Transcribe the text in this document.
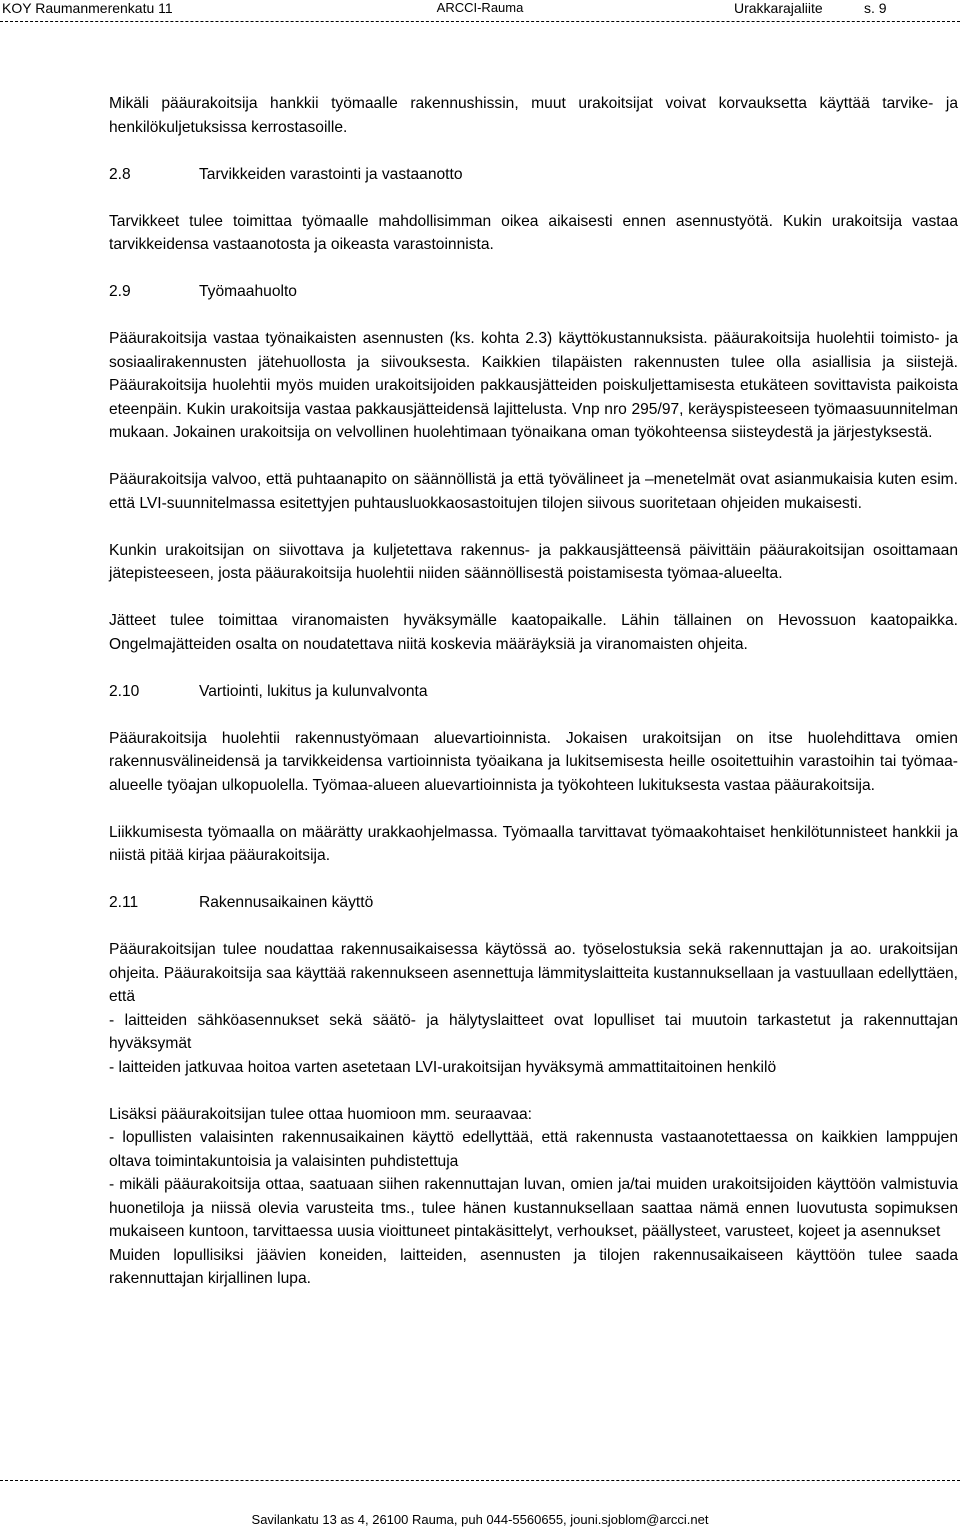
KOY Raumanmerenkatu 11	Urakkarajaliite	s. 9

Mikäli pääurakoitsija hankkii työmaalle rakennushissin, muut urakoitsijat voivat korvauksetta käyttää tarvike- ja henkilökuljetuksissa kerrostasoille.

2.8	Tarvikkeiden varastointi ja vastaanotto

Tarvikkeet tulee toimittaa työmaalle mahdollisimman oikea aikaisesti ennen asennustyötä. Kukin urakoitsija vastaa tarvikkeidensa vastaanotosta ja oikeasta varastoinnista.

2.9	Työmaahuolto

Pääurakoitsija vastaa työnaikaisten asennusten (ks. kohta 2.3) käyttökustannuksista. pääurakoitsija huolehtii toimisto- ja sosiaalirakennusten jätehuollosta ja siivouksesta. Kaikkien tilapäisten rakennusten tulee olla asiallisia ja siistejä. Pääurakoitsija huolehtii myös muiden urakoitsijoiden pakkausjätteiden poiskuljettamisesta etukäteen sovittavista paikoista eteenpäin. Kukin urakoitsija vastaa pakkausjätteidensä lajittelusta. Vnp nro 295/97, keräyspisteeseen työmaasuunnitelman mukaan. Jokainen urakoitsija on velvollinen huolehtimaan työnaikana oman työkohteensa siisteydestä ja järjestyksestä.

Pääurakoitsija valvoo, että puhtaanapito on säännöllistä ja että työvälineet ja –menetelmät ovat asianmukaisia kuten esim. että LVI-suunnitelmassa esitettyjen puhtausluokkaosastoitujen tilojen siivous suoritetaan ohjeiden mukaisesti.

Kunkin urakoitsijan on siivottava ja kuljetettava rakennus- ja pakkausjätteensä päivittäin pääurakoitsijan osoittamaan jätepisteeseen, josta pääurakoitsija huolehtii niiden säännöllisestä poistamisesta työmaa-alueelta.

Jätteet tulee toimittaa viranomaisten hyväksymälle kaatopaikalle. Lähin tällainen on Hevossuon kaatopaikka. Ongelmajätteiden osalta on noudatettava niitä koskevia määräyksiä ja viranomaisten ohjeita.

2.10	Vartiointi, lukitus ja kulunvalvonta

Pääurakoitsija huolehtii rakennustyömaan aluevartioinnista. Jokaisen urakoitsijan on itse huolehdittava omien rakennusvälineidensä ja tarvikkeidensa vartioinnista työaikana ja lukitsemisesta heille osoitettuihin varastoihin tai työmaa-alueelle työajan ulkopuolella. Työmaa-alueen aluevartioinnista ja työkohteen lukituksesta vastaa pääurakoitsija.

Liikkumisesta työmaalla on määrätty urakkaohjelmassa. Työmaalla tarvittavat työmaakohtaiset henkilötunnisteet hankkii ja niistä pitää kirjaa pääurakoitsija.

2.11	Rakennusaikainen käyttö

Pääurakoitsijan tulee noudattaa rakennusaikaisessa käytössä ao. työselostuksia sekä rakennuttajan ja ao. urakoitsijan ohjeita. Pääurakoitsija saa käyttää rakennukseen asennettuja lämmityslaitteita kustannuksellaan ja vastuullaan edellyttäen, että

- laitteiden sähköasennukset sekä säätö- ja hälytyslaitteet ovat lopulliset tai muutoin tarkastetut ja rakennuttajan hyväksymät

- laitteiden jatkuvaa hoitoa varten asetetaan LVI-urakoitsijan hyväksymä ammattitaitoinen henkilö

Lisäksi pääurakoitsijan tulee ottaa huomioon mm. seuraavaa:

- lopullisten valaisinten rakennusaikainen käyttö edellyttää, että rakennusta vastaanotettaessa on kaikkien lamppujen oltava toimintakuntoisia ja valaisinten puhdistettuja

- mikäli pääurakoitsija ottaa, saatuaan siihen rakennuttajan luvan, omien ja/tai muiden urakoitsijoiden käyttöön valmistuvia huonetiloja ja niissä olevia varusteita tms., tulee hänen kustannuksellaan saattaa nämä ennen luovutusta sopimuksen mukaiseen kuntoon, tarvittaessa uusia vioittuneet pintakäsittelyt, verhoukset, päällysteet, varusteet, kojeet ja asennukset

Muiden lopullisiksi jäävien koneiden, laitteiden, asennusten ja tilojen rakennusaikaiseen käyttöön tulee saada rakennuttajan kirjallinen lupa.

ARCCI-Rauma
Savilankatu 13 as 4, 26100 Rauma, puh 044-5560655, jouni.sjoblom@arcci.net
